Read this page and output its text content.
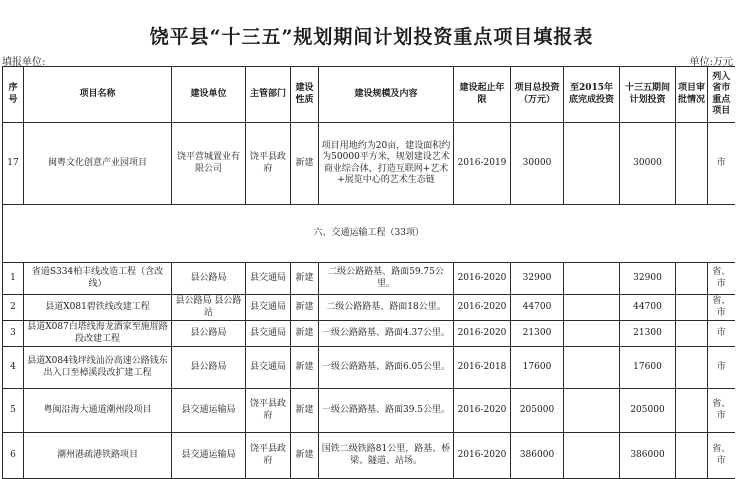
饶平县“十三五”规划期间计划投资重点项目填报表
填报单位:	单位:万元
序号	项目名称	建设单位	主管部门	建设性质	建设规模及内容	建设起止年限	项目总投资（万元）	至2015年底完成投资	十三五期间计划投资	项目审批情况	列入省市重点项目
17	闽粤文化创意产业园项目	饶平营城置业有限公司	饶平县政府	新建	项目用地约为20亩，建设面积约为50000平方米，规划建设艺术商业综合体，打造互联网+艺术+展览中心的艺术生态链	2016-2019	30000		30000		市
六、交通运输工程（33项）											
1	省道S334柏丰线改造工程（含改线）	县公路局	县交通局	新建	二级公路路基、路面59.75公里。	2016-2020	32900		32900		省、市
2	县道X081碧铁线改建工程	县公路局 县公路站	县交通局	新建	二级公路路基、路面18公里。	2016-2020	44700		44700		省、市
3	县道X087白塔线海龙酒家至施厝路段改建工程	县公路局	县交通局	新建	一级公路路基、路面4.37公里。	2016-2020	21300		21300		市
4	县道X084钱坪线汕汾高速公路钱东出入口至樟溪段改扩建工程	县公路局	县交通局	新建	一级公路路基、路面6.05公里。	2016-2018	17600		17600		市
5	粤闽沿海大通道潮州段项目	县交通运输局	饶平县政府	新建	一级公路路基、路面39.5公里。	2016-2020	205000		205000		省、市
6	潮州港疏港铁路项目	县交通运输局	饶平县政府	新建	国铁二级铁路81公里，路基、桥梁、隧道、站场。	2016-2020	386000		386000		省、市
